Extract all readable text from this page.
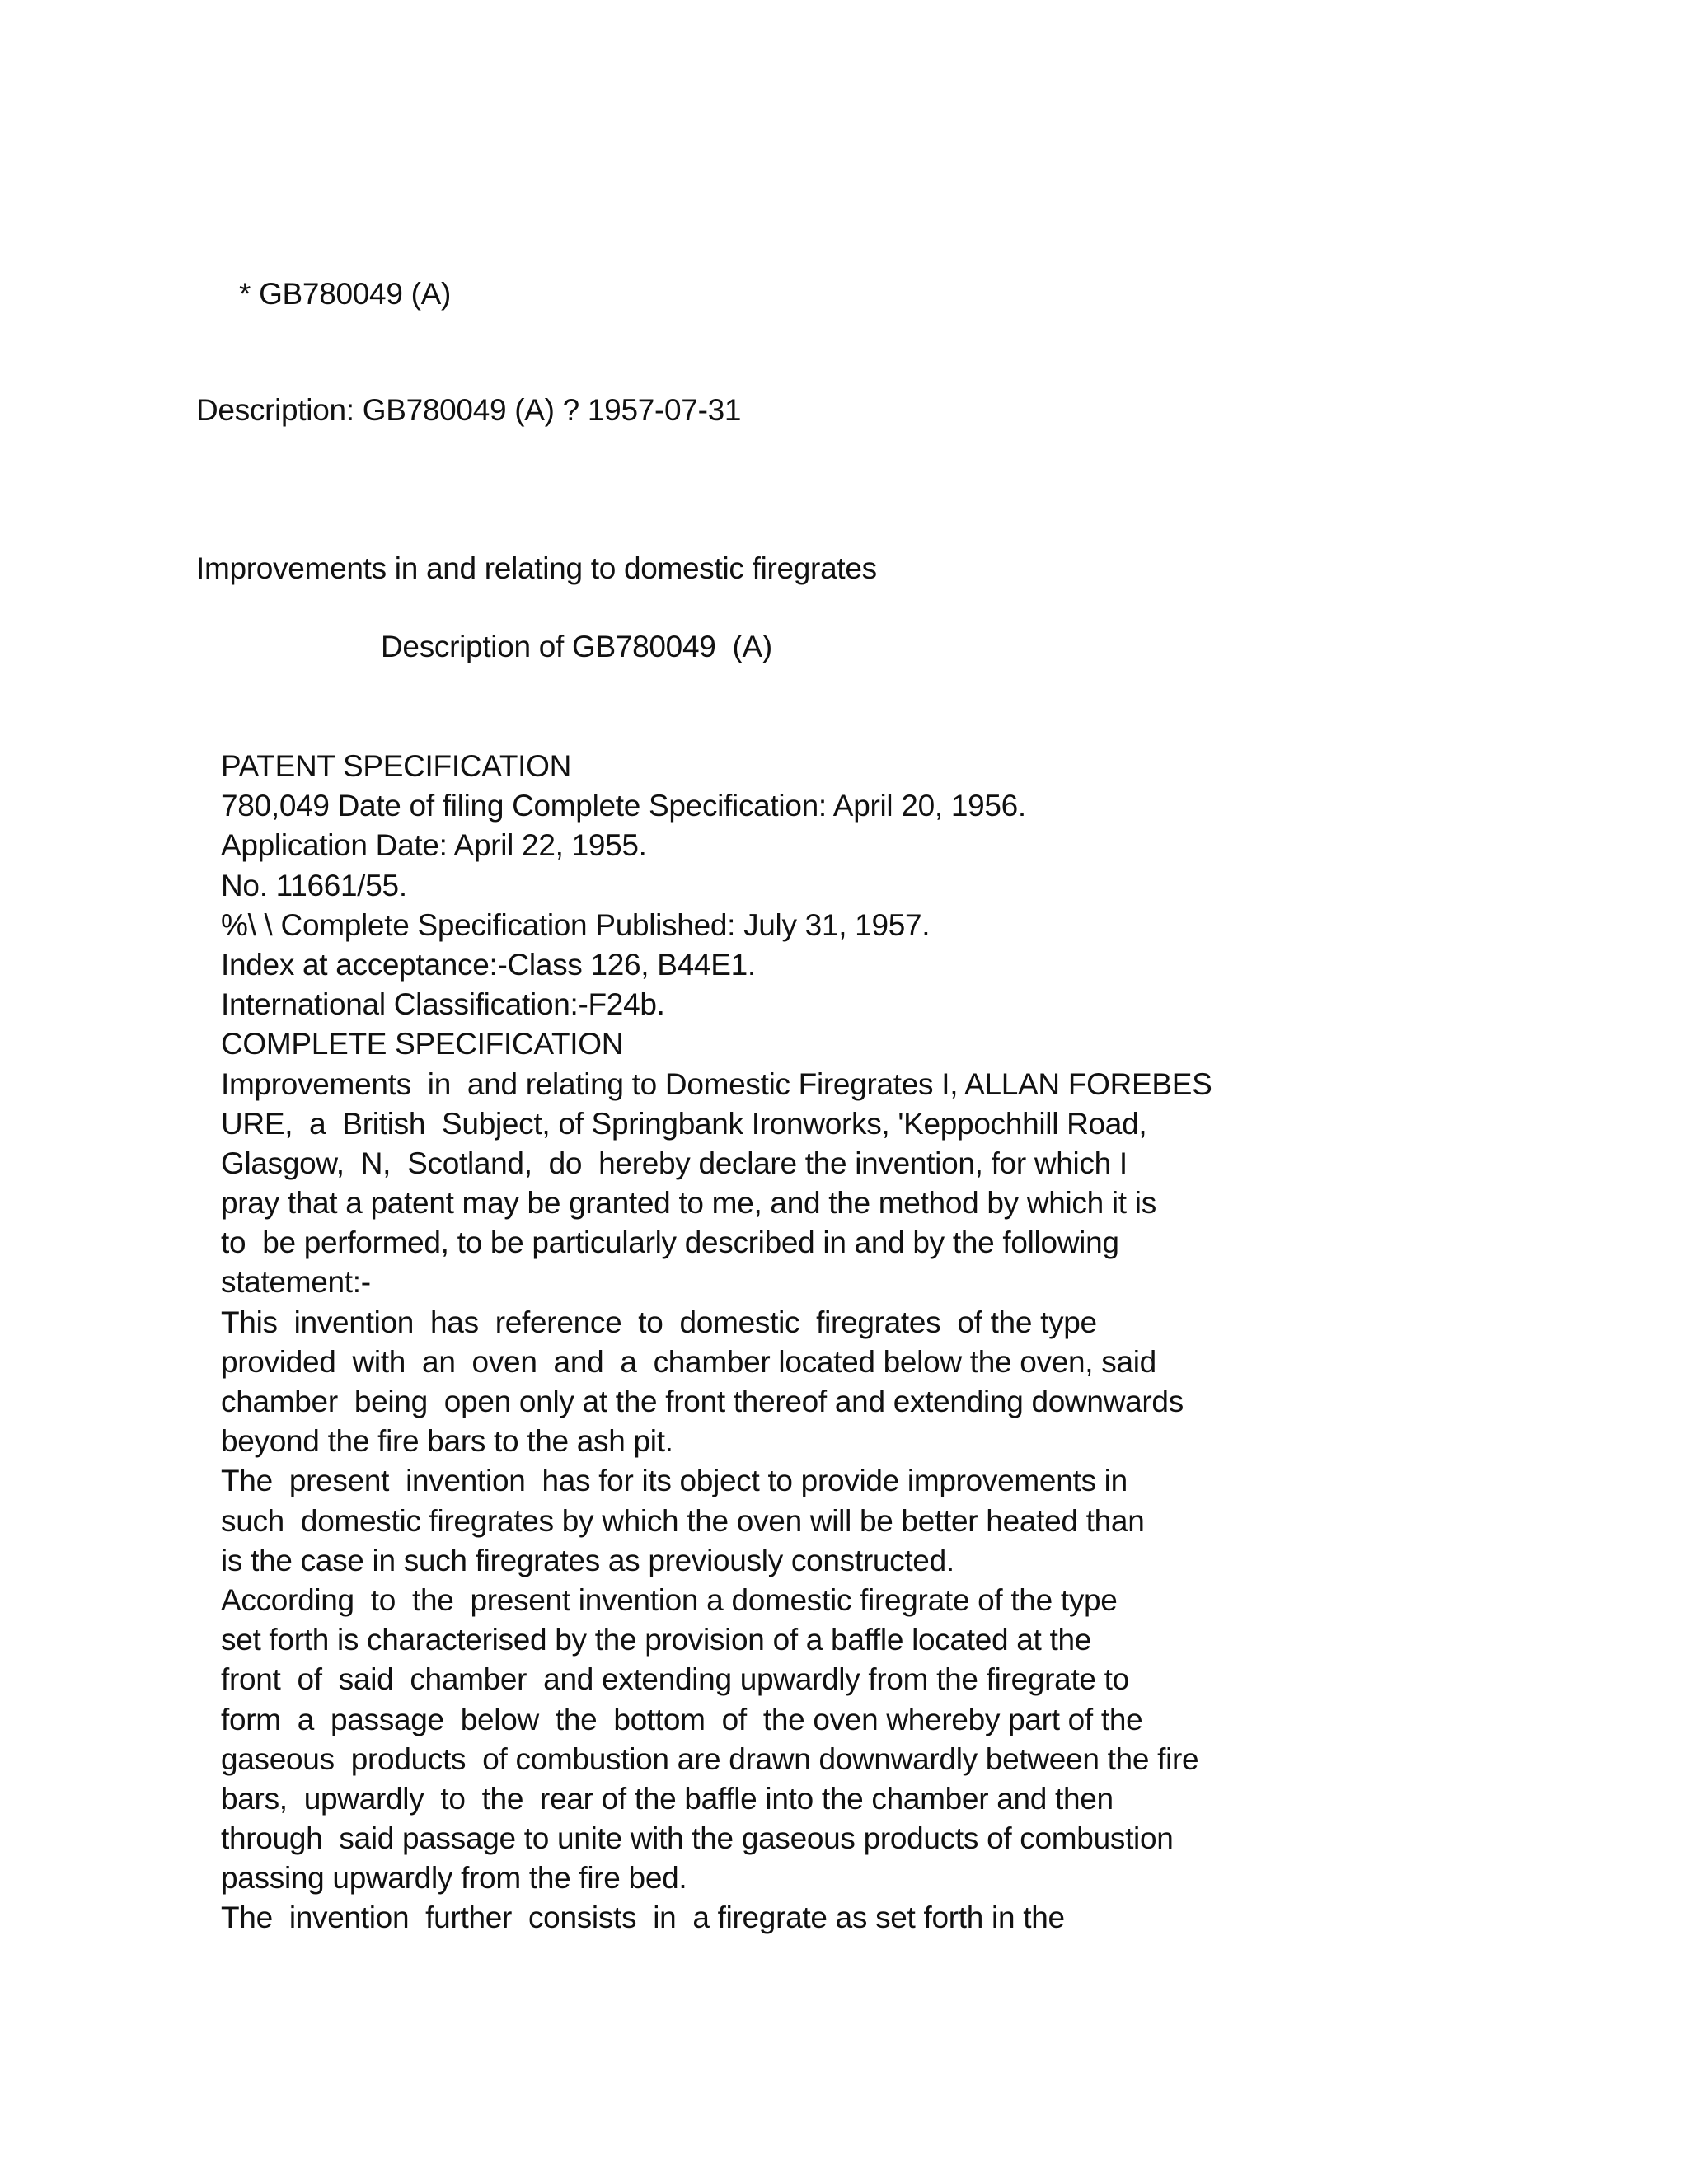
* GB780049 (A)
Description: GB780049 (A) ? 1957-07-31
Improvements in and relating to domestic firegrates
Description of GB780049  (A)
PATENT SPECIFICATION
780,049 Date of filing Complete Specification: April 20, 1956.
Application Date: April 22, 1955.
No. 11661/55.
%\ \ Complete Specification Published: July 31, 1957.
Index at acceptance:-Class 126, B44E1.
International Classification:-F24b.
COMPLETE SPECIFICATION
Improvements  in  and relating to Domestic Firegrates I, ALLAN FOREBES
URE,  a  British  Subject, of Springbank Ironworks, 'Keppochhill Road,
Glasgow,  N,  Scotland,  do  hereby declare the invention, for which I
pray that a patent may be granted to me, and the method by which it is
to  be performed, to be particularly described in and by the following
statement:-
This  invention  has  reference  to  domestic  firegrates  of the type
provided  with  an  oven  and  a  chamber located below the oven, said
chamber  being  open only at the front thereof and extending downwards
beyond the fire bars to the ash pit.
The  present  invention  has for its object to provide improvements in
such  domestic firegrates by which the oven will be better heated than
is the case in such firegrates as previously constructed.
According  to  the  present invention a domestic firegrate of the type
set forth is characterised by the provision of a baffle located at the
front  of  said  chamber  and extending upwardly from the firegrate to
form  a  passage  below  the  bottom  of  the oven whereby part of the
gaseous  products  of combustion are drawn downwardly between the fire
bars,  upwardly  to  the  rear of the baffle into the chamber and then
through  said passage to unite with the gaseous products of combustion
passing upwardly from the fire bed.
The  invention  further  consists  in  a firegrate as set forth in the
